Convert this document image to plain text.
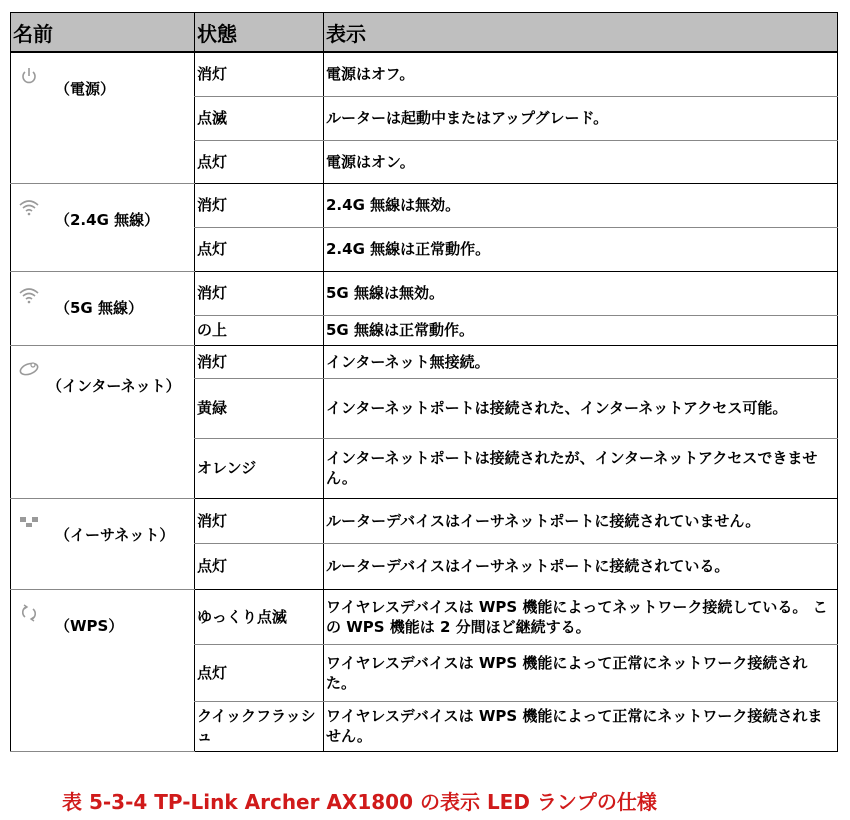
名前	状態	表示

（電源）	消灯	電源はオフ。
	点滅	ルーターは起動中またはアップグレード。
	点灯	電源はオン。

（2.4G 無線）	消灯	2.4G 無線は無効。
	点灯	2.4G 無線は正常動作。

（5G 無線）	消灯	5G 無線は無効。
	の上	5G 無線は正常動作。

（インターネット）	消灯	インターネット無接続。
	黄緑	インターネットポートは接続された、インターネットアクセス可能。
	オレンジ	インターネットポートは接続されたが、インターネットアクセスできません。

（イーサネット）	消灯	ルーターデバイスはイーサネットポートに接続されていません。
	点灯	ルーターデバイスはイーサネットポートに接続されている。

（WPS）	ゆっくり点滅	ワイヤレスデバイスは WPS 機能によってネットワーク接続している。 この WPS 機能は 2 分間ほど継続する。
	点灯	ワイヤレスデバイスは WPS 機能によって正常にネットワーク接続された。
	クイックフラッシュ	ワイヤレスデバイスは WPS 機能によって正常にネットワーク接続されません。
表 5-3-4 TP-Link Archer AX1800 の表示 LED ランプの仕様
